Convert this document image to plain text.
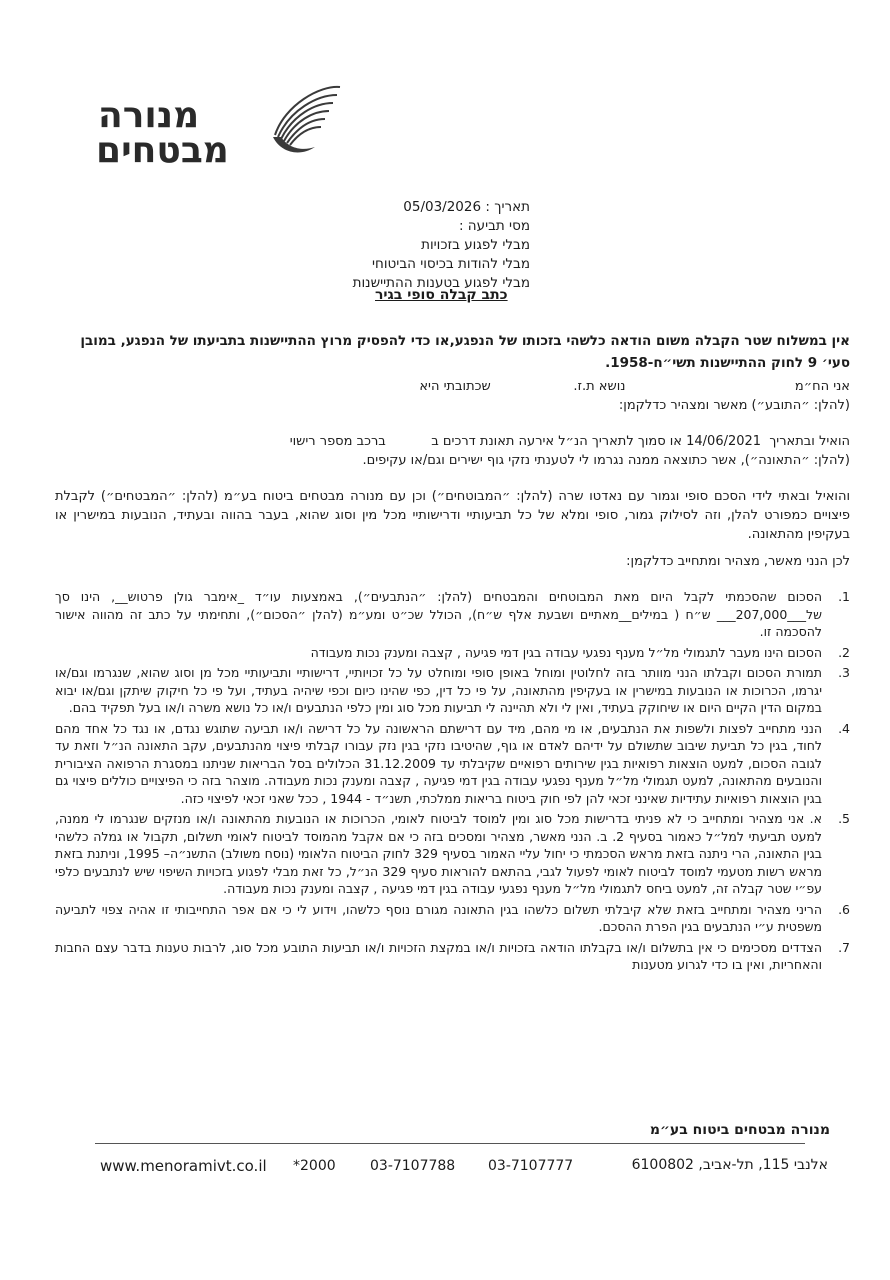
מנורה
מבטחים
תאריך : 05/03/2026
מסי תביעה :
מבלי לפגוע בזכויות
מבלי להודות בכיסוי הביטוחי
מבלי לפגוע בטענות ההתיישנות
כתב קבלה סופי בגיר
אין במשלוח שטר הקבלה משום הודאה כלשהי בזכותו של הנפגע,או כדי להפסיק מרוץ ההתיישנות בתביעתו של הנפגע, במובן סעי׳ 9 לחוק ההתיישנות תשי״ח-1958.
אני הח״מ                                         נושא ת.ז.                    שכתובתי היא
(להלן: ״התובע״) מאשר ומצהיר כדלקמן:
הואיל ובתאריך  14/06/2021 או סמוך לתאריך הנ״ל אירעה תאונת דרכים ב           ברכב מספר רישוי
(להלן: ״התאונה״), אשר כתוצאה ממנה נגרמו לי לטענתי נזקי גוף ישירים וגם/או עקיפים.
והואיל ובאתי לידי הסכם סופי וגמור עם נאדטו שרה (להלן: ״המבוטחים״) וכן עם מנורה מבטחים ביטוח בע״מ (להלן: ״המבטחים״) לקבלת פיצויים כמפורט להלן, וזה לסילוק גמור, סופי ומלא של כל תביעותיי ודרישותיי מכל מין וסוג שהוא, בעבר בהווה ובעתיד, הנובעות במישרין או בעקיפין מהתאונה.
לכן הנני מאשר, מצהיר ומתחייב כדלקמן:
1.
הסכום שהסכמתי לקבל היום מאת המבוטחים והמבטחים (להלן: ״הנתבעים״), באמצעות עו״ד _אימבר גולן פרטוש__, הינו סך של___207,000___ ש״ח ( במילים__מאתיים ושבעת אלף ש״ח), הכולל שכ״ט ומע״מ (להלן ״הסכום״), ותחימתי על כתב זה מהווה אישור להסכמה זו.
2.
הסכום הינו מעבר לתגמולי מל״ל מענף נפגעי עבודה בגין דמי פגיעה , קצבה ומענק נכות מעבודה
3.
תמורת הסכום וקבלתו הנני מוותר בזה לחלוטין ומוחל באופן סופי ומוחלט על כל זכויותיי, דרישותיי ותביעותיי מכל מן וסוג שהוא, שנגרמו וגם/או יגרמו, הכרוכות או הנובעות במישרין או בעקיפין מהתאונה, על פי כל דין, כפי שהינו כיום וכפי שיהיה בעתיד, ועל פי כל חיקוק שיתקן וגם/או יבוא במקום הדין הקיים היום או שיחוקק בעתיד, ואין לי ולא תהיינה לי תביעות מכל סוג ומין כלפי הנתבעים ו/או כל נושא משרה ו/או בעל תפקיד בהם.
4.
הנני מתחייב לפצות ולשפות את הנתבעים, או מי מהם, מיד עם דרישתם הראשונה על כל דרישה ו/או תביעה שתוגש נגדם, או נגד כל אחד מהם לחוד, בגין כל תביעת שיבוב שתשולם על ידיהם לאדם או גוף, שהיטיבו נזקי בגין נזק עבורו קבלתי פיצוי מהנתבעים, עקב התאונה הנ״ל וזאת עד לגובה הסכום, למעט הוצאות רפואיות בגין שירותים רפואיים שקיבלתי עד 31.12.2009 הכלולים בסל הבריאות שניתנו במסגרת הרפואה הציבורית והנובעים מהתאונה, למעט תגמולי מל״ל מענף נפגעי עבודה בגין דמי פגיעה , קצבה ומענק נכות מעבודה. מוצהר בזה כי הפיצויים כוללים פיצוי גם בגין הוצאות רפואיות עתידיות שאינני זכאי להן לפי חוק ביטוח בריאות ממלכתי, תשנ״ד - 1944 , ככל שאני זכאי לפיצוי כזה.
5.
א. אני מצהיר ומתחייב כי לא פניתי בדרישות מכל סוג ומין למוסד לביטוח לאומי, הכרוכות או הנובעות מהתאונה ו/או מנזקים שנגרמו לי ממנה, למעט תביעתי למל״ל כאמור בסעיף 2. ב. הנני מאשר, מצהיר ומסכים בזה כי אם אקבל מהמוסד לביטוח לאומי תשלום, תקבול או גמלה כלשהי בגין התאונה, הרי ניתנה בזאת מראש הסכמתי כי יחול עליי האמור בסעיף 329 לחוק הביטוח הלאומי (נוסח משולב) התשנ״ה– 1995, וניתנת בזאת מראש רשות מטעמי למוסד לביטוח לאומי לפעול לגבי, בהתאם להוראות סעיף 329 הנ״ל, כל זאת מבלי לפגוע בזכויות השיפוי שיש לנתבעים כלפי עפ״י שטר קבלה זה, למעט ביחס לתגמולי מל״ל מענף נפגעי עבודה בגין דמי פגיעה , קצבה ומענק נכות מעבודה.
6.
הריני מצהיר ומתחייב בזאת שלא קיבלתי תשלום כלשהו בגין התאונה מגורם נוסף כלשהו, וידוע לי כי אם אפר התחייבותי זו אהיה צפוי לתביעה משפטית ע״י הנתבעים בגין הפרת ההסכם.
7.
הצדדים מסכימים כי אין בתשלום ו/או בקבלתו הודאה בזכויות ו/או במקצת הזכויות ו/או תביעות התובע מכל סוג, לרבות טענות בדבר עצם החבות והאחריות, ואין בו כדי לגרוע מטענות
מנורה מבטחים ביטוח בע״מ
www.menoramivt.co.il *2000 03-7107788 03-7107777	אלנבי 115, תל-אביב, 6100802
